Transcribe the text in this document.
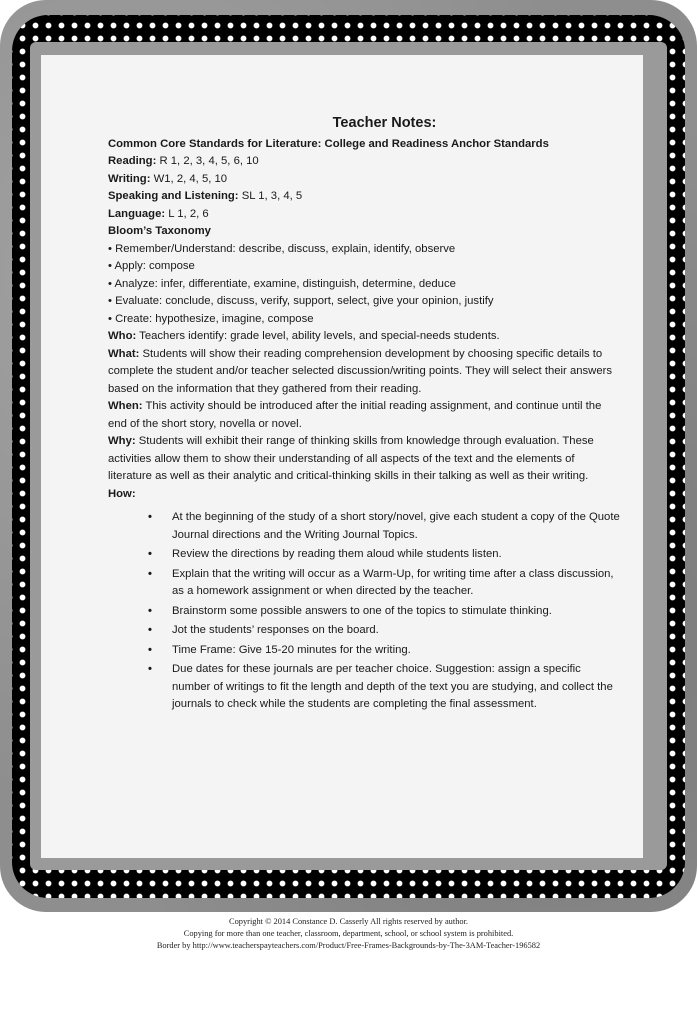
Teacher Notes:

Common Core Standards for Literature: College and Readiness Anchor Standards

Reading: R 1, 2, 3, 4, 5, 6, 10

Writing: W1, 2, 4, 5, 10

Speaking and Listening: SL 1, 3, 4, 5

Language: L 1, 2, 6

Bloom’s Taxonomy

• Remember/Understand: describe, discuss, explain, identify, observe

• Apply: compose

• Analyze: infer, differentiate, examine, distinguish, determine, deduce

• Evaluate: conclude, discuss, verify, support, select, give your opinion, justify

• Create: hypothesize, imagine, compose

Who: Teachers identify: grade level, ability levels, and special-needs students.

What: Students will show their reading comprehension development by choosing specific details to complete the student and/or teacher selected discussion/writing points. They will select their answers based on the information that they gathered from their reading.

When: This activity should be introduced after the initial reading assignment, and continue until the end of the short story, novella or novel.

Why: Students will exhibit their range of thinking skills from knowledge through evaluation. These activities allow them to show their understanding of all aspects of the text and the elements of literature as well as their analytic and critical-thinking skills in their talking as well as their writing.

How:

• At the beginning of the study of a short story/novel, give each student a copy of the Quote Journal directions and the Writing Journal Topics.
• Review the directions by reading them aloud while students listen.
• Explain that the writing will occur as a Warm-Up, for writing time after a class discussion, as a homework assignment or when directed by the teacher.
• Brainstorm some possible answers to one of the topics to stimulate thinking.
• Jot the students’ responses on the board.
• Time Frame: Give 15-20 minutes for the writing.
• Due dates for these journals are per teacher choice. Suggestion: assign a specific number of writings to fit the length and depth of the text you are studying, and collect the journals to check while the students are completing the final assessment.

Copyright © 2014 Constance D. Casserly All rights reserved by author.

Copying for more than one teacher, classroom, department, school, or school system is prohibited.

Border by http://www.teacherspayteachers.com/Product/Free-Frames-Backgrounds-by-The-3AM-Teacher-196582
